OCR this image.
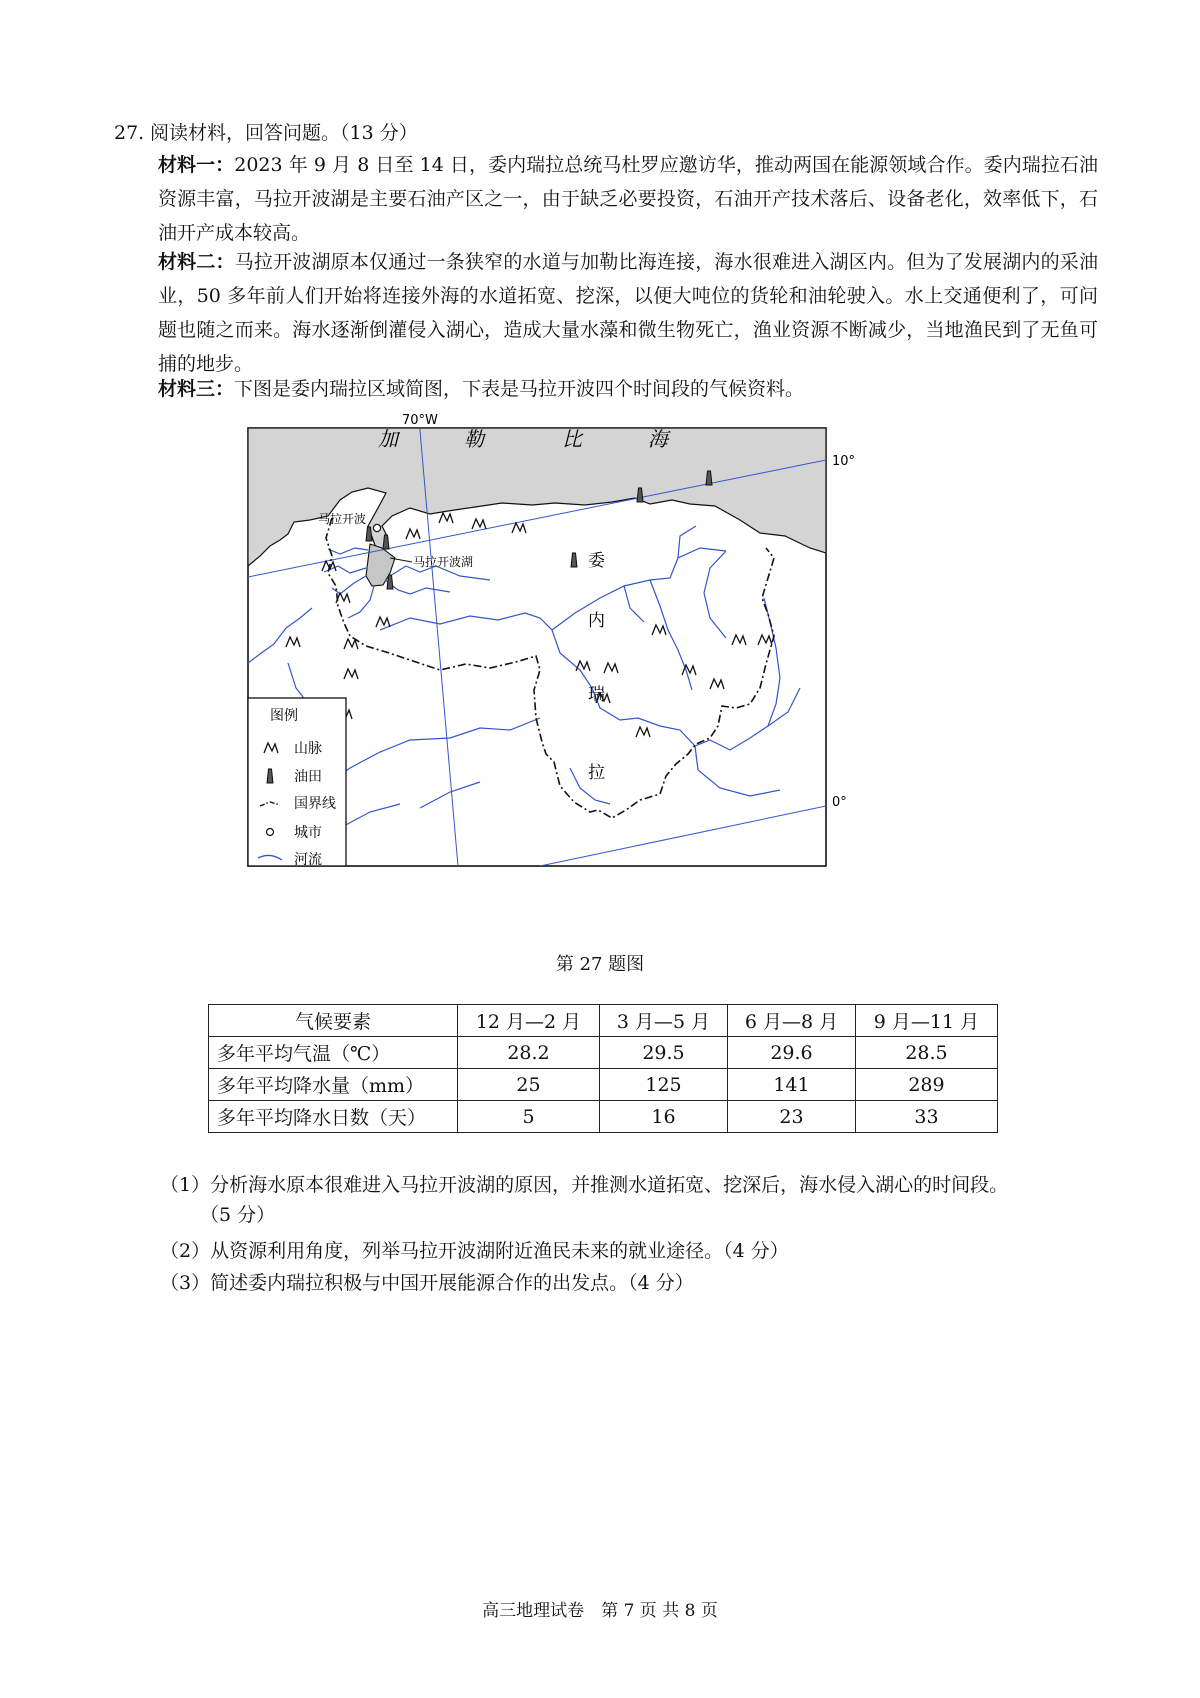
27. 阅读材料，回答问题。（13 分）
材料一：2023 年 9 月 8 日至 14 日，委内瑞拉总统马杜罗应邀访华，推动两国在能源领域合作。委内瑞拉石油资源丰富，马拉开波湖是主要石油产区之一，由于缺乏必要投资，石油开产技术落后、设备老化，效率低下，石油开产成本较高。
材料二：马拉开波湖原本仅通过一条狭窄的水道与加勒比海连接，海水很难进入湖区内。但为了发展湖内的采油业，50 多年前人们开始将连接外海的水道拓宽、挖深，以便大吨位的货轮和油轮驶入。水上交通便利了，可问题也随之而来。海水逐渐倒灌侵入湖心，造成大量水藻和微生物死亡，渔业资源不断减少，当地渔民到了无鱼可捕的地步。
材料三：下图是委内瑞拉区域简图，下表是马拉开波四个时间段的气候资料。
马拉开波
马拉开波湖
加	勒	比	海
委
内
瑞
拉
70°W
10°
0°
图例
山脉
油田
国界线
城市
河流
第 27 题图
气候要素	12 月—2 月	3 月—5 月	6 月—8 月	9 月—11 月
多年平均气温（℃）	28.2	29.5	29.6	28.5
多年平均降水量（mm）	25	125	141	289
多年平均降水日数（天）	5	16	23	33
（1）分析海水原本很难进入马拉开波湖的原因，并推测水道拓宽、挖深后，海水侵入湖心的时间段。
（5 分）
（2）从资源利用角度，列举马拉开波湖附近渔民未来的就业途径。（4 分）
（3）简述委内瑞拉积极与中国开展能源合作的出发点。（4 分）
高三地理试卷　第 7 页 共 8 页
